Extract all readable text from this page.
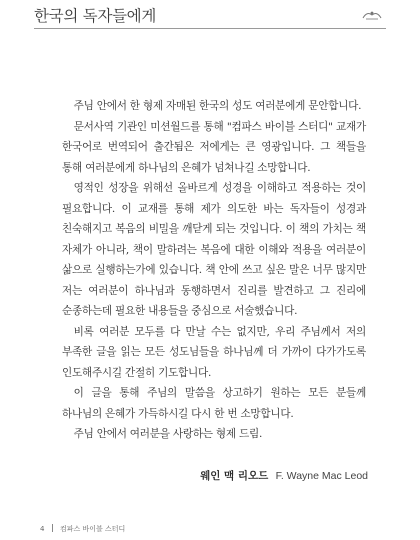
한국의 독자들에게

주님 안에서 한 형제 자매된 한국의 성도 여러분에게 문안합니다.

문서사역 기관인 미션월드를 통해 "컴파스 바이블 스터디" 교재가 한국어로 번역되어 출간됨은 저에게는 큰 영광입니다. 그 책들을 통해 여러분에게 하나님의 은혜가 넘쳐나길 소망합니다.

영적인 성장을 위해선 올바르게 성경을 이해하고 적용하는 것이 필요합니다. 이 교재를 통해 제가 의도한 바는 독자들이 성경과 친숙해지고 복음의 비밀을 깨닫게 되는 것입니다. 이 책의 가치는 책 자체가 아니라, 책이 말하려는 복음에 대한 이해와 적용을 여러분이 삶으로 실행하는가에 있습니다. 책 안에 쓰고 싶은 말은 너무 많지만 저는 여러분이 하나님과 동행하면서 진리를 발견하고 그 진리에 순종하는데 필요한 내용들을 중심으로 서술했습니다.

비록 여러분 모두를 다 만날 수는 없지만, 우리 주님께서 저의 부족한 글을 읽는 모든 성도님들을 하나님께 더 가까이 다가가도록 인도해주시길 간절히 기도합니다.

이 글을 통해 주님의 말씀을 상고하기 원하는 모든 분들께 하나님의 은혜가 가득하시길 다시 한 번 소망합니다.

주님 안에서 여러분을 사랑하는 형제 드림.

웨인 맥 리오드 F. Wayne Mac Leod
4 컴파스 바이블 스터디
